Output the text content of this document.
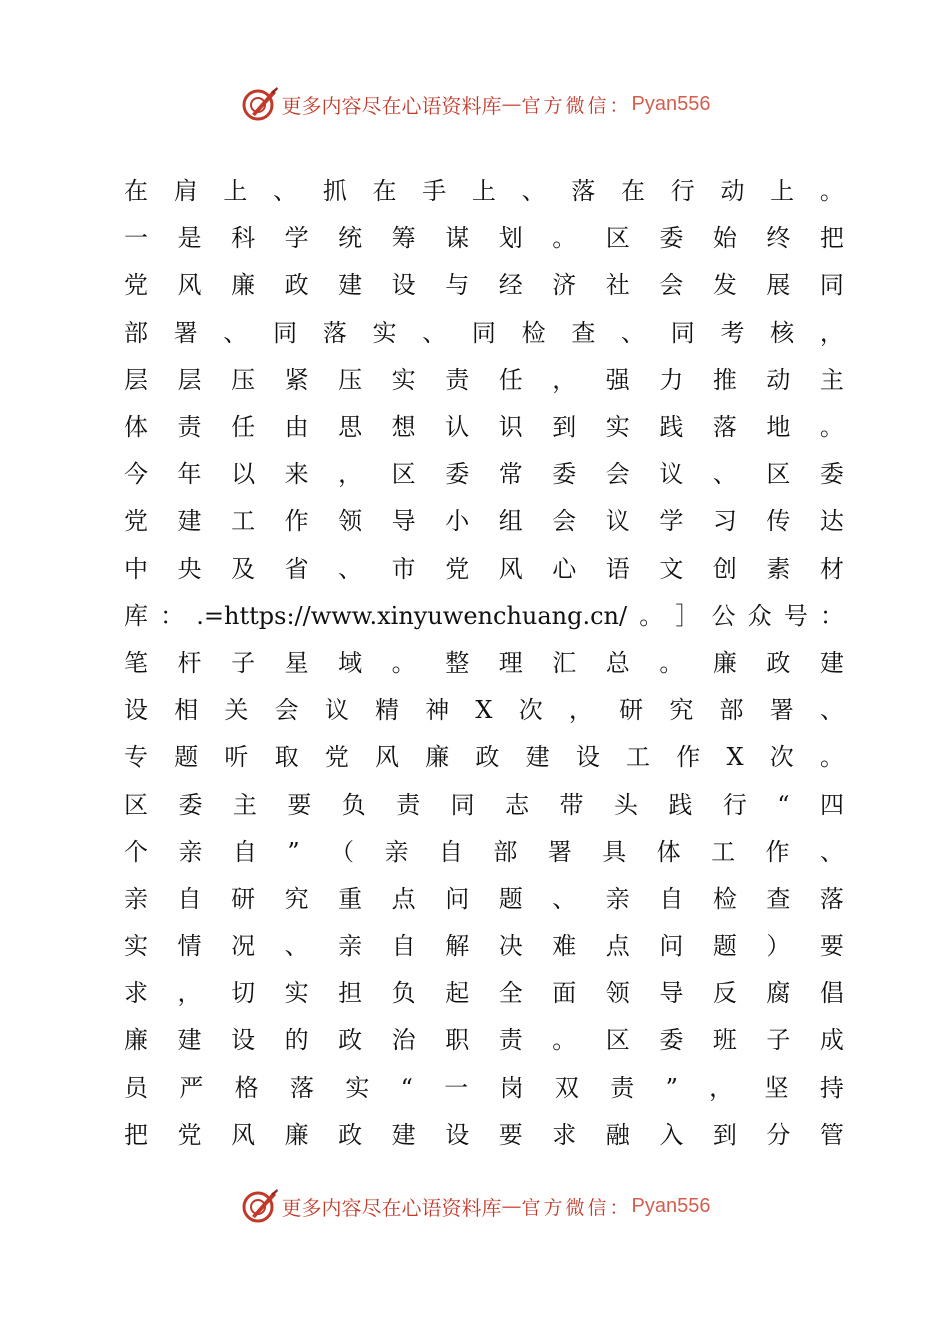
更多内容尽在心语资料库 — 官方微信： Pyan556
在 肩 上 、 抓 在 手 上 、 落 在 行 动 上 。
一 是 科 学 统 筹 谋 划 。 区 委 始 终 把
党 风 廉 政 建 设 与 经 济 社 会 发 展 同
部 署 、 同 落 实 、 同 检 查 、 同 考 核 ，
层 层 压 紧 压 实 责 任 ， 强 力 推 动 主
体 责 任 由 思 想 认 识 到 实 践 落 地 。
今 年 以 来 ， 区 委 常 委 会 议 、 区 委
党 建 工 作 领 导 小 组 会 议 学 习 传 达
中 央 及 省 、 市 党 风 心 语 文 创 素 材
库 ： .=https://www.xinyuwenchuang.cn/ 。 ］ 公 众 号 ：
笔 杆 子 星 域 。 整 理 汇 总 。 廉 政 建
设 相 关 会 议 精 神 X 次 ， 研 究 部 署 、
专 题 听 取 党 风 廉 政 建 设 工 作 X 次 。
区 委 主 要 负 责 同 志 带 头 践 行 “ 四
个 亲 自 ” （ 亲 自 部 署 具 体 工 作 、
亲 自 研 究 重 点 问 题 、 亲 自 检 查 落
实 情 况 、 亲 自 解 决 难 点 问 题 ） 要
求 ， 切 实 担 负 起 全 面 领 导 反 腐 倡
廉 建 设 的 政 治 职 责 。 区 委 班 子 成
员 严 格 落 实 “ 一 岗 双 责 ” ， 坚 持
把 党 风 廉 政 建 设 要 求 融 入 到 分 管
更多内容尽在心语资料库 — 官方微信： Pyan556
